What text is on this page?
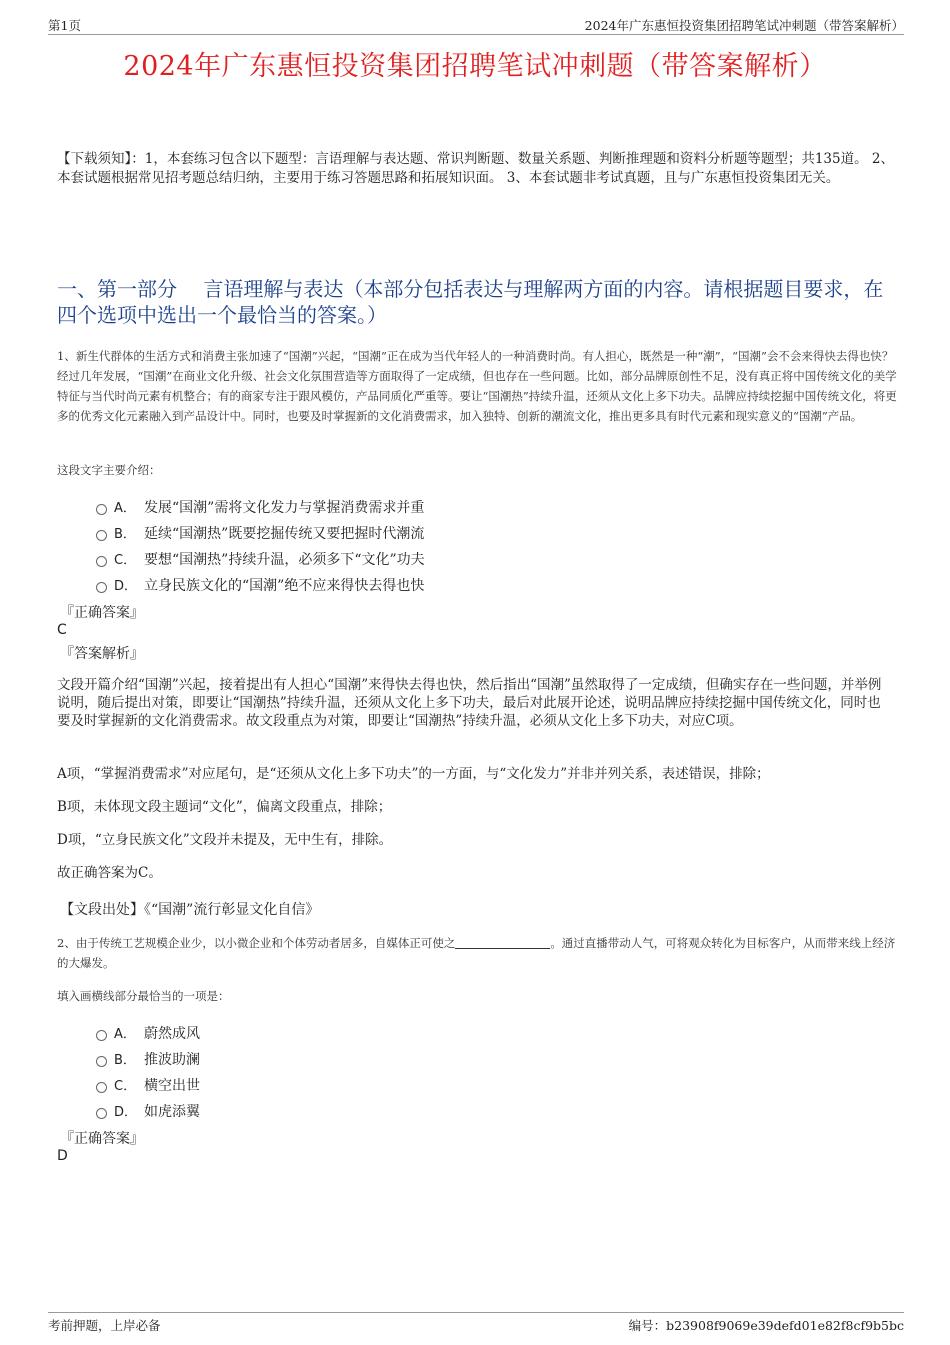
第1页	2024年广东惠恒投资集团招聘笔试冲刺题（带答案解析）
2024年广东惠恒投资集团招聘笔试冲刺题（带答案解析）
【下载须知】：1，本套练习包含以下题型：言语理解与表达题、常识判断题、数量关系题、判断推理题和资料分析题等题型；共135道。 2、本套试题根据常见招考题总结归纳，主要用于练习答题思路和拓展知识面。 3、本套试题非考试真题，且与广东惠恒投资集团无关。
一、第一部分　 言语理解与表达（本部分包括表达与理解两方面的内容。请根据题目要求，在四个选项中选出一个最恰当的答案。）
1、新生代群体的生活方式和消费主张加速了“国潮”兴起，“国潮”正在成为当代年轻人的一种消费时尚。有人担心，既然是一种“潮”，“国潮”会不会来得快去得也快？经过几年发展，“国潮”在商业文化升级、社会文化氛围营造等方面取得了一定成绩，但也存在一些问题。比如，部分品牌原创性不足，没有真正将中国传统文化的美学特征与当代时尚元素有机整合；有的商家专注于跟风模仿，产品同质化严重等。要让“国潮热”持续升温，还须从文化上多下功夫。品牌应持续挖掘中国传统文化，将更多的优秀文化元素融入到产品设计中。同时，也要及时掌握新的文化消费需求，加入独特、创新的潮流文化，推出更多具有时代元素和现实意义的“国潮”产品。
这段文字主要介绍：
A． 发展“国潮”需将文化发力与掌握消费需求并重
B． 延续“国潮热”既要挖掘传统又要把握时代潮流
C． 要想“国潮热”持续升温，必须多下“文化”功夫
D． 立身民族文化的“国潮”绝不应来得快去得也快
『正确答案』
C
『答案解析』
文段开篇介绍“国潮”兴起，接着提出有人担心“国潮”来得快去得也快，然后指出“国潮”虽然取得了一定成绩，但确实存在一些问题，并举例说明，随后提出对策，即要让“国潮热”持续升温，还须从文化上多下功夫，最后对此展开论述，说明品牌应持续挖掘中国传统文化，同时也要及时掌握新的文化消费需求。故文段重点为对策，即要让“国潮热”持续升温，必须从文化上多下功夫，对应C项。
A项，“掌握消费需求”对应尾句，是“还须从文化上多下功夫”的一方面，与“文化发力”并非并列关系，表述错误，排除；
B项，未体现文段主题词“文化”，偏离文段重点，排除；
D项，“立身民族文化”文段并未提及，无中生有，排除。
故正确答案为C。
【文段出处】《“国潮”流行彰显文化自信》
2、由于传统工艺规模企业少，以小微企业和个体劳动者居多，自媒体正可使之	。通过直播带动人气，可将观众转化为目标客户，从而带来线上经济的大爆发。
填入画横线部分最恰当的一项是：
A． 蔚然成风
B． 推波助澜
C． 横空出世
D． 如虎添翼
『正确答案』
D
考前押题，上岸必备	编号：b23908f9069e39defd01e82f8cf9b5bc
